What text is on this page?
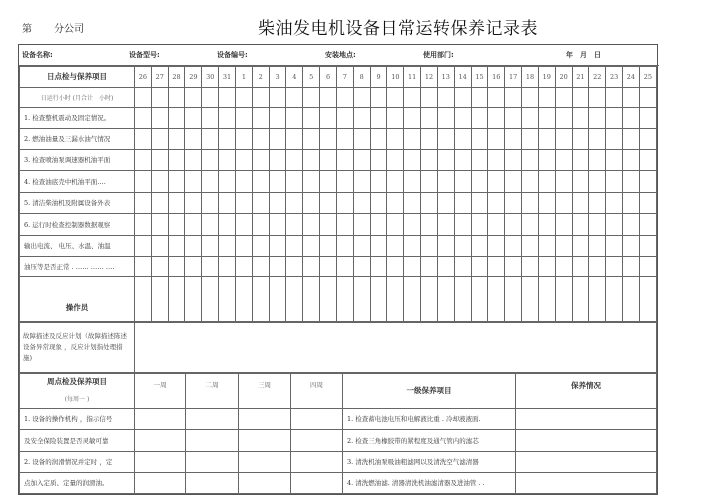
第 分公司	柴油发电机设备日常运转保养记录表
设备名称:	设备型号:	设备编号:	安装地点:	使用部门:	年　月　日
日点检与保养项目	26	27	28	29	30	31	1	2	3	4	5	6	7	8	9	10	11	12	13	14	15	16	17	18	19	20	21	22	23	24	25
日运行小时 (月合计　小时)																															
1. 检查整机震动及固定情况。																															
2. 燃油油量及三漏水油气情况																															
3. 检查喷油泵调速器机油平面																															
4. 检查油底壳中机油平面….																															
5. 清洁柴油机及附属设备外表																															
6. 运行时检查控制器数据观察																															
输出电流、 电压、水温、油温																															
油压等是否正常 . …… …… ….																															
操作员																															
故障描述及反应计划（故障描述陈述设备异常现象 ，反应计划指处理措施)	
周点检及保养项目
(每周一 )	一周	二周	三周	四周	一级保养项目	保养情况
1. 设备的操作机构 ，指示信号					1. 检查蓄电池电压和电解液比重 . 冷却液液面.	
及安全保险装置是否灵敏可靠					2. 检查三角橡胶带的紧程度及通气管内的滤芯	
2. 设备的润滑情况并定时 ，定					3. 清洗机油泵吸油粗滤网以及清洗空气滤清器	
点加入定质、定量的润滑油。					4. 清洗燃油滤. 清器清洗机油滤清器及进油管 . .	
